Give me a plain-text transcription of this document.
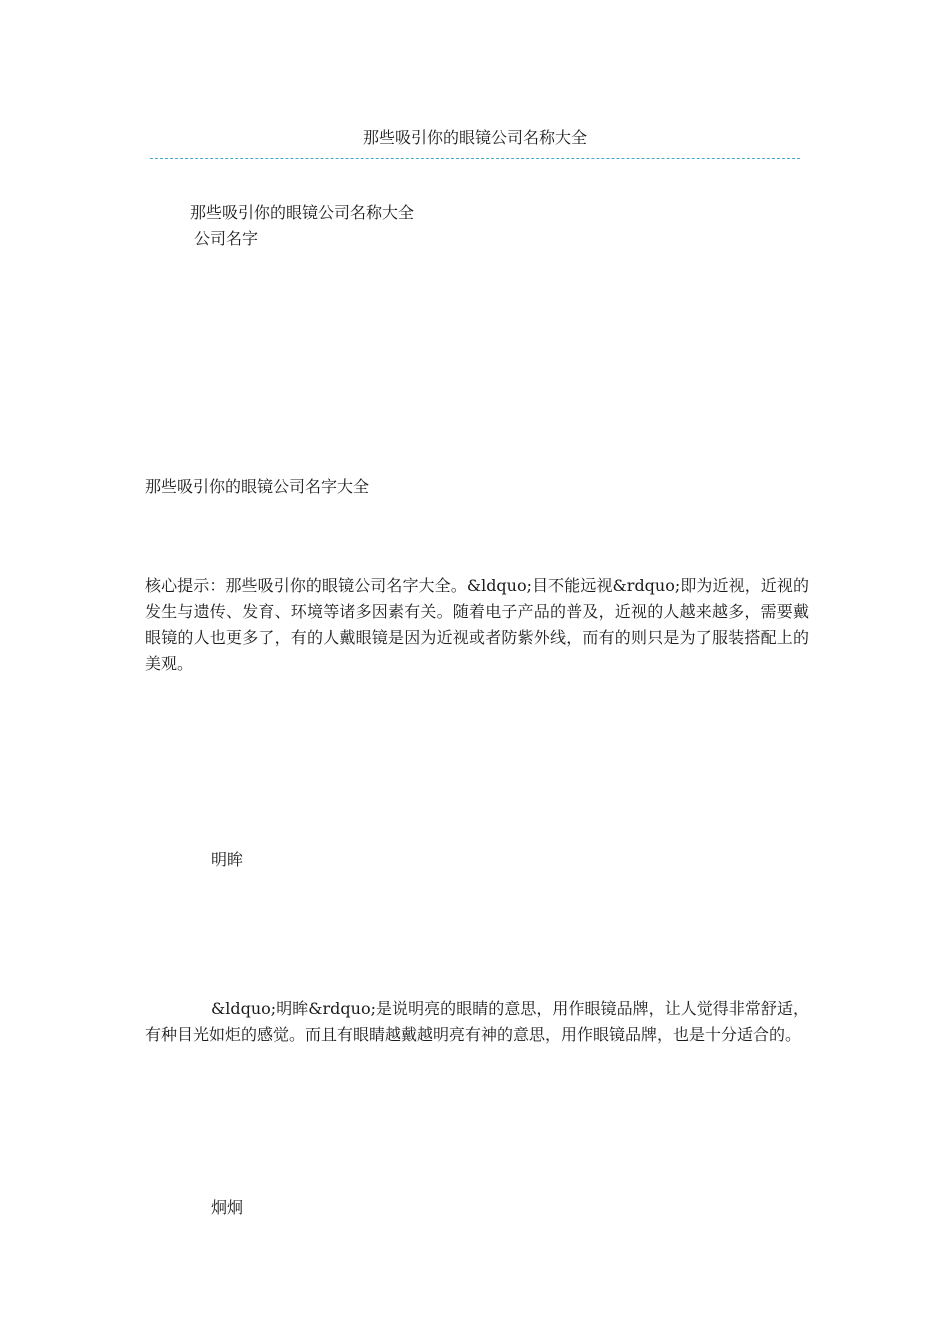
那些吸引你的眼镜公司名称大全
那些吸引你的眼镜公司名称大全
公司名字
那些吸引你的眼镜公司名字大全
核心提示：那些吸引你的眼镜公司名字大全。&ldquo;目不能远视&rdquo;即为近视，近视的发生与遗传、发育、环境等诸多因素有关。随着电子产品的普及，近视的人越来越多，需要戴眼镜的人也更多了，有的人戴眼镜是因为近视或者防紫外线，而有的则只是为了服装搭配上的美观。
明眸
&ldquo;明眸&rdquo;是说明亮的眼睛的意思，用作眼镜品牌，让人觉得非常舒适，有种目光如炬的感觉。而且有眼睛越戴越明亮有神的意思，用作眼镜品牌，也是十分适合的。
炯炯
